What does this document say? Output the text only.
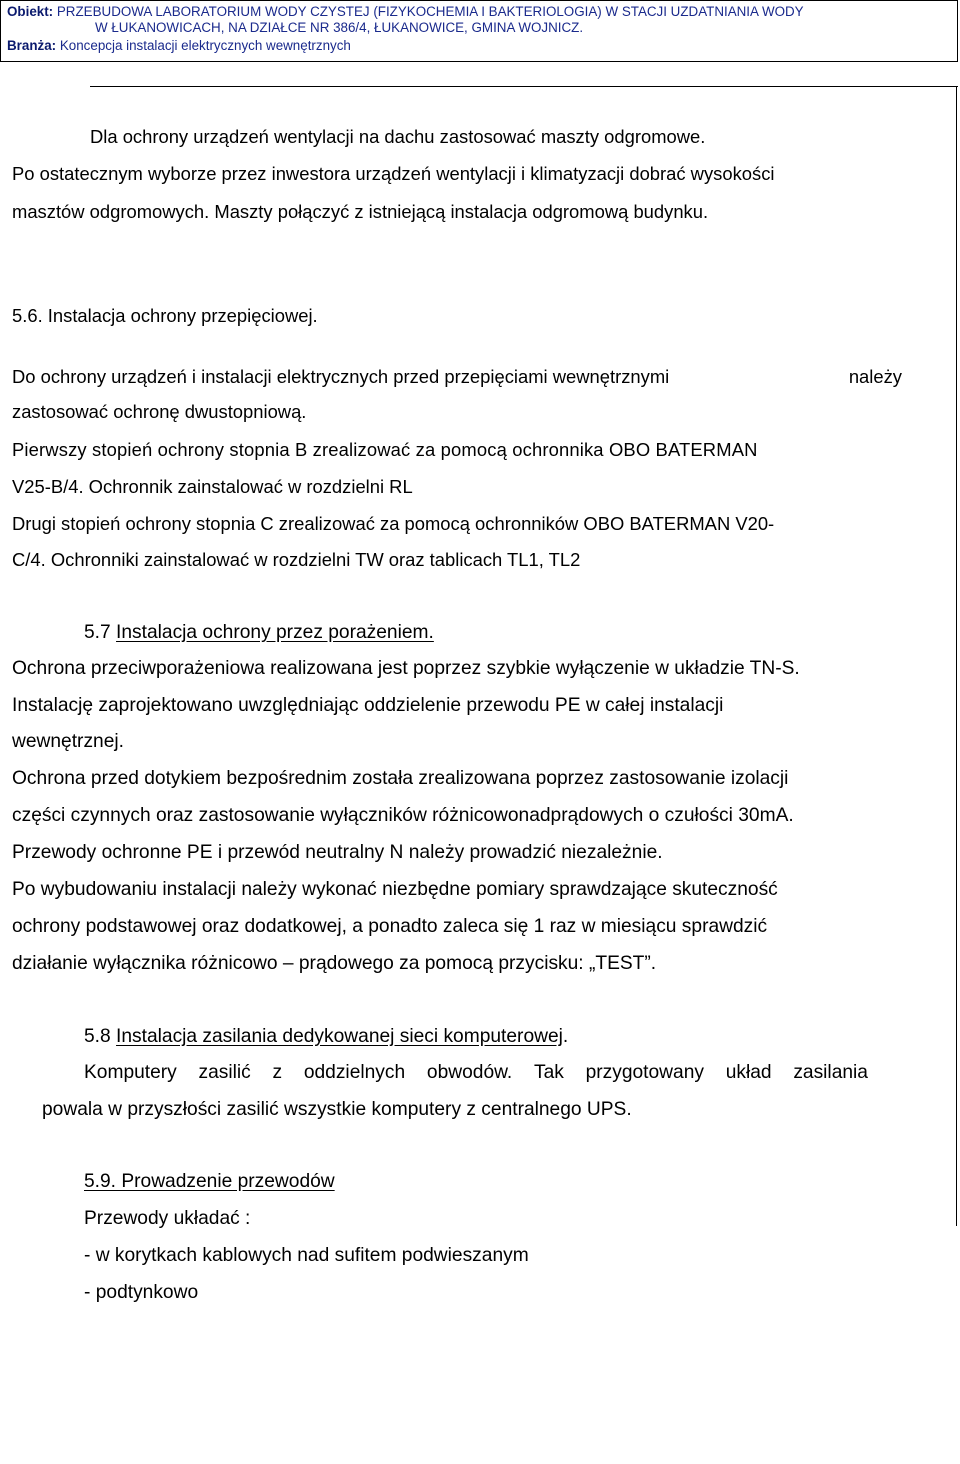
Obiekt: PRZEBUDOWA LABORATORIUM WODY CZYSTEJ (FIZYKOCHEMIA I BAKTERIOLOGIA) W STACJI UZDATNIANIA WODY
W ŁUKANOWICACH, NA DZIAŁCE NR 386/4, ŁUKANOWICE, GMINA WOJNICZ.
Branża: Koncepcja instalacji elektrycznych wewnętrznych
Dla ochrony urządzeń wentylacji na dachu zastosować maszty odgromowe.
Po ostatecznym wyborze przez inwestora urządzeń wentylacji i klimatyzacji dobrać wysokości
masztów odgromowych. Maszty połączyć z istniejącą instalacja odgromową budynku.
5.6. Instalacja ochrony przepięciowej.
Do ochrony urządzeń i instalacji elektrycznych przed przepięciami wewnętrznymi	należy
zastosować ochronę dwustopniową.
Pierwszy stopień ochrony stopnia B zrealizować za pomocą ochronnika OBO BATERMAN
V25-B/4. Ochronnik zainstalować w rozdzielni RL
Drugi stopień ochrony stopnia C zrealizować za pomocą ochronników OBO BATERMAN V20-
C/4. Ochronniki zainstalować w rozdzielni TW oraz tablicach TL1, TL2
5.7 Instalacja ochrony przez porażeniem.
Ochrona przeciwporażeniowa realizowana jest poprzez szybkie wyłączenie w układzie TN-S.
Instalację zaprojektowano uwzględniając oddzielenie przewodu PE w całej instalacji
wewnętrznej.
Ochrona przed dotykiem bezpośrednim została zrealizowana poprzez zastosowanie izolacji
części czynnych oraz zastosowanie wyłączników różnicowonadprądowych o czułości 30mA.
Przewody ochronne PE i przewód neutralny N należy prowadzić niezależnie.
Po wybudowaniu instalacji należy wykonać niezbędne pomiary sprawdzające skuteczność
ochrony podstawowej oraz dodatkowej, a ponadto zaleca się 1 raz w miesiącu sprawdzić
działanie wyłącznika różnicowo – prądowego za pomocą przycisku: „TEST”.
5.8 Instalacja zasilania dedykowanej sieci komputerowej.
Komputery zasilić z oddzielnych obwodów. Tak przygotowany układ zasilania
powala w przyszłości zasilić wszystkie komputery z centralnego UPS.
5.9. Prowadzenie przewodów
Przewody układać :
- w korytkach kablowych nad sufitem podwieszanym
- podtynkowo
